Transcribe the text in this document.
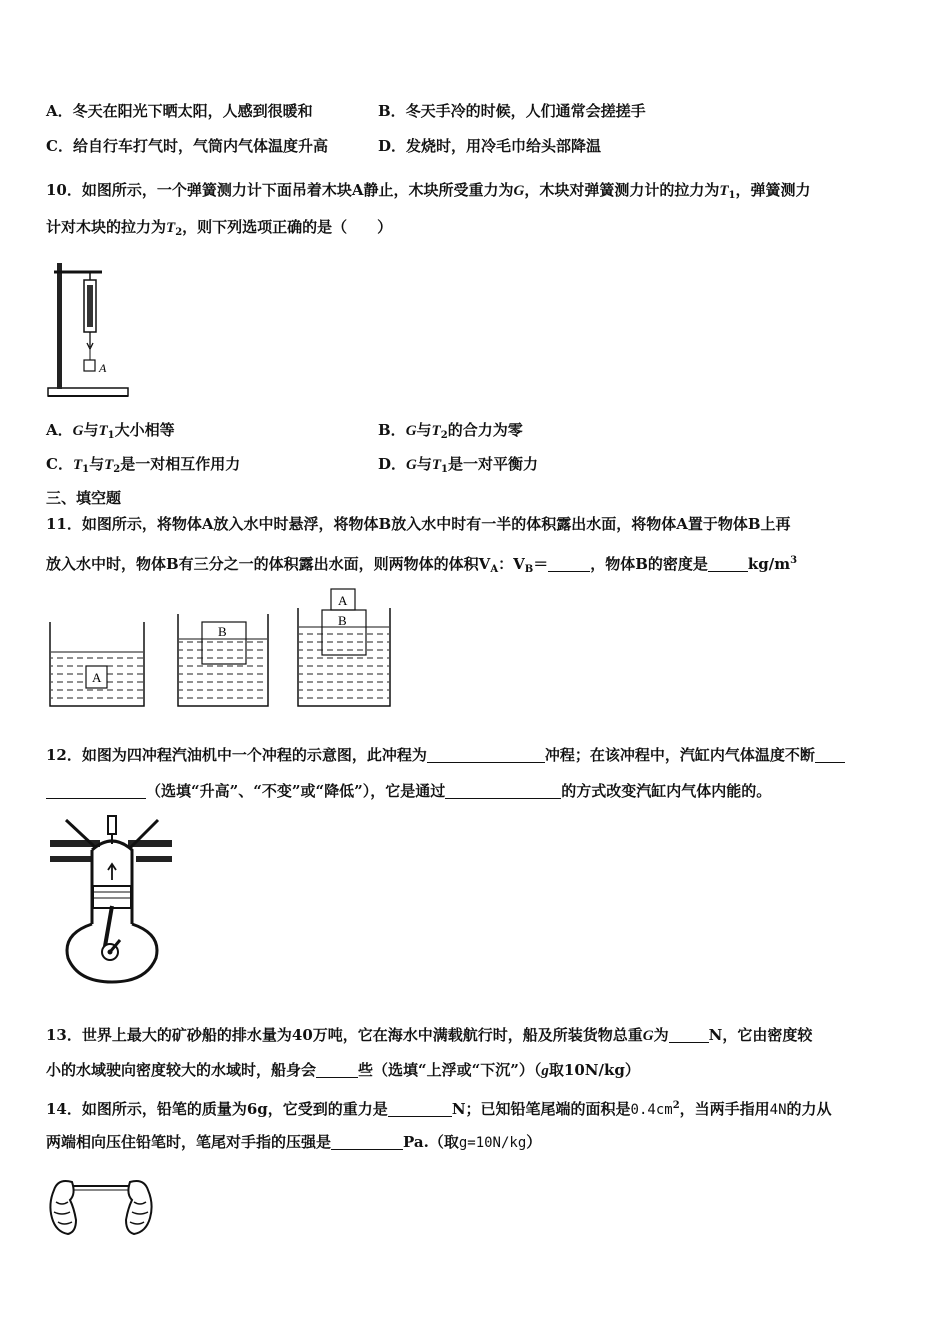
A．冬天在阳光下晒太阳，人感到很暖和	B．冬天手冷的时候，人们通常会搓搓手
C．给自行车打气时，气筒内气体温度升高	D．发烧时，用冷毛巾给头部降温
10．如图所示，一个弹簧测力计下面吊着木块A静止，木块所受重力为G，木块对弹簧测力计的拉力为$T_1$，弹簧测力
计对木块的拉力为$T_2$，则下列选项正确的是（　　）
A
A．G与$T_1$大小相等	B．G与$T_2$的合力为零
C．$T_1$与$T_2$是一对相互作用力	D．G与$T_1$是一对平衡力
三、填空题
11．如图所示，将物体A放入水中时悬浮，将物体B放入水中时有一半的体积露出水面，将物体A置于物体B上再
放入水中时，物体B有三分之一的体积露出水面，则两物体的体积$V_A$：$V_B=$	，物体B的密度是	$kg/m^3$
A
B
A
B
12．如图为四冲程汽油机中一个冲程的示意图，此冲程为	冲程；在该冲程中，汽缸内气体温度不断
（选填“升高”、“不变”或“降低”），它是通过	的方式改变汽缸内气体内能的。
13．世界上最大的矿砂船的排水量为40万吨，它在海水中满载航行时，船及所装货物总重G为	N，它由密度较
小的水域驶向密度较大的水域时，船身会	些（选填“上浮或“下沉”）（g取10N/kg）
14．如图所示，铅笔的质量为6g，它受到的重力是	N；已知铅笔尾端的面积是$0.4cm^2$，当两手指用4N的力从
两端相向压住铅笔时，笔尾对手指的压强是	Pa.（取g=10N/kg）
